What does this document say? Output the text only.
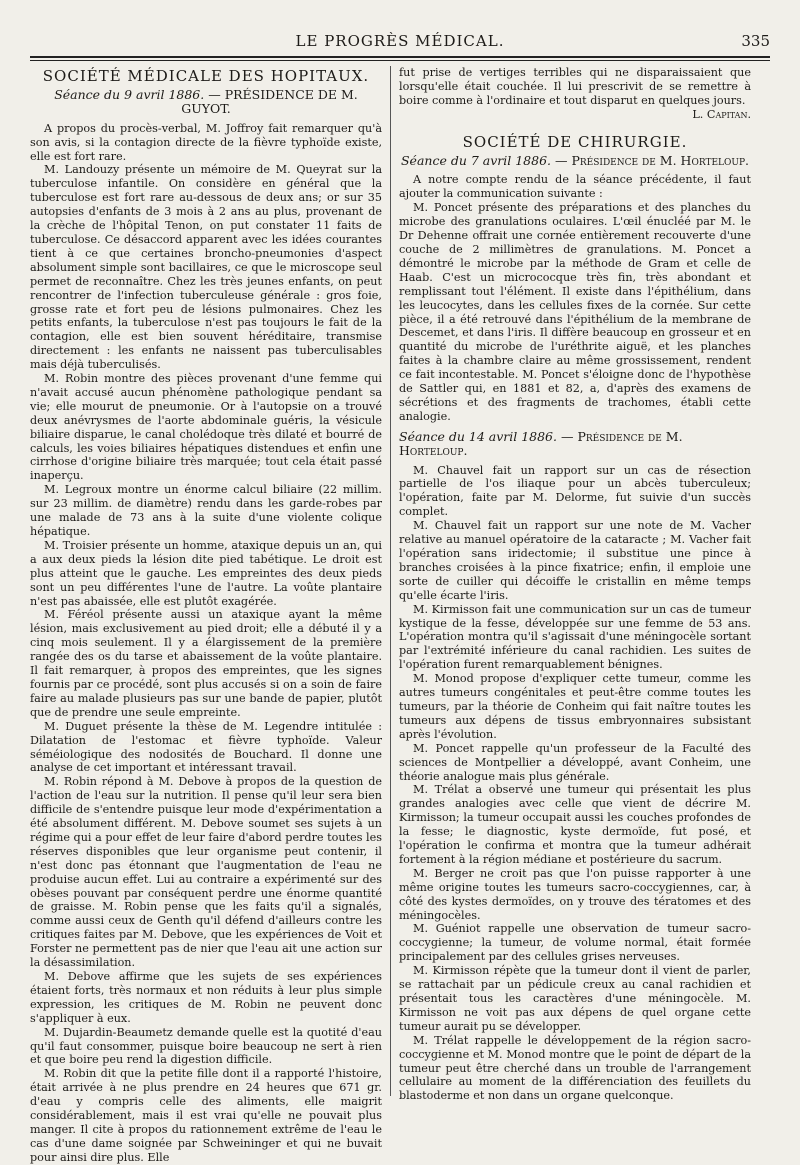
LE PROGRÈS MÉDICAL.	335
SOCIÉTÉ MÉDICALE DES HOPITAUX.
Séance du 9 avril 1886. — PRÉSIDENCE DE M. GUYOT.

A propos du procès-verbal, M. Joffroy fait remarquer qu'à son avis, si la contagion directe de la fièvre typhoïde existe, elle est fort rare.

M. Landouzy présente un mémoire de M. Queyrat sur la tuberculose infantile. On considère en général que la tuberculose est fort rare au-dessous de deux ans; or sur 35 autopsies d'enfants de 3 mois à 2 ans au plus, provenant de la crèche de l'hôpital Tenon, on put constater 11 faits de tuberculose. Ce désaccord apparent avec les idées courantes tient à ce que certaines broncho-pneumonies d'aspect absolument simple sont bacillaires, ce que le microscope seul permet de reconnaître. Chez les très jeunes enfants, on peut rencontrer de l'infection tuberculeuse générale : gros foie, grosse rate et fort peu de lésions pulmonaires. Chez les petits enfants, la tuberculose n'est pas toujours le fait de la contagion, elle est bien souvent héréditaire, transmise directement : les enfants ne naissent pas tuberculisables mais déjà tuberculisés.

M. Robin montre des pièces provenant d'une femme qui n'avait accusé aucun phénomène pathologique pendant sa vie; elle mourut de pneumonie. Or à l'autopsie on a trouvé deux anévrysmes de l'aorte abdominale guéris, la vésicule biliaire disparue, le canal cholédoque très dilaté et bourré de calculs, les voies biliaires hépatiques distendues et enfin une cirrhose d'origine biliaire très marquée; tout cela était passé inaperçu.

M. Legroux montre un énorme calcul biliaire (22 millim. sur 23 millim. de diamètre) rendu dans les garde-robes par une malade de 73 ans à la suite d'une violente colique hépatique.

M. Troisier présente un homme, ataxique depuis un an, qui a aux deux pieds la lésion dite pied tabétique. Le droit est plus atteint que le gauche. Les empreintes des deux pieds sont un peu différentes l'une de l'autre. La voûte plantaire n'est pas abaissée, elle est plutôt exagérée.

M. Féréol présente aussi un ataxique ayant la même lésion, mais exclusivement au pied droit; elle a débuté il y a cinq mois seulement. Il y a élargissement de la première rangée des os du tarse et abaissement de la voûte plantaire. Il fait remarquer, à propos des empreintes, que les signes fournis par ce procédé, sont plus accusés si on a soin de faire faire au malade plusieurs pas sur une bande de papier, plutôt que de prendre une seule empreinte.

M. Duguet présente la thèse de M. Legendre intitulée : Dilatation de l'estomac et fièvre typhoïde. Valeur séméiologique des nodosités de Bouchard. Il donne une analyse de cet important et intéressant travail.

M. Robin répond à M. Debove à propos de la question de l'action de l'eau sur la nutrition. Il pense qu'il leur sera bien difficile de s'entendre puisque leur mode d'expérimentation a été absolument différent. M. Debove soumet ses sujets à un régime qui a pour effet de leur faire d'abord perdre toutes les réserves disponibles que leur organisme peut contenir, il n'est donc pas étonnant que l'augmentation de l'eau ne produise aucun effet. Lui au contraire a expérimenté sur des obèses pouvant par conséquent perdre une énorme quantité de graisse. M. Robin pense que les faits qu'il a signalés, comme aussi ceux de Genth qu'il défend d'ailleurs contre les critiques faites par M. Debove, que les expériences de Voit et Forster ne permettent pas de nier que l'eau ait une action sur la désassimilation.

M. Debove affirme que les sujets de ses expériences étaient forts, très normaux et non réduits à leur plus simple expression, les critiques de M. Robin ne peuvent donc s'appliquer à eux.

M. Dujardin-Beaumetz demande quelle est la quotité d'eau qu'il faut consommer, puisque boire beaucoup ne sert à rien et que boire peu rend la digestion difficile.

M. Robin dit que la petite fille dont il a rapporté l'histoire, était arrivée à ne plus prendre en 24 heures que 671 gr. d'eau y compris celle des aliments, elle maigrit considérablement, mais il est vrai qu'elle ne pouvait plus manger. Il cite à propos du rationnement extrême de l'eau le cas d'une dame soignée par Schweininger et qui ne buvait pour ainsi dire plus. Elle

fut prise de vertiges terribles qui ne disparaissaient que lorsqu'elle était couchée. Il lui prescrivit de se remettre à boire comme à l'ordinaire et tout disparut en quelques jours.

L. Capitan.
SOCIÉTÉ DE CHIRURGIE.
Séance du 7 avril 1886. — Présidence de M. Horteloup.

A notre compte rendu de la séance précédente, il faut ajouter la communication suivante :

M. Poncet présente des préparations et des planches du microbe des granulations oculaires. L'œil énucléé par M. le Dr Dehenne offrait une cornée entièrement recouverte d'une couche de 2 millimètres de granulations. M. Poncet a démontré le microbe par la méthode de Gram et celle de Haab. C'est un micrococque très fin, très abondant et remplissant tout l'élément. Il existe dans l'épithélium, dans les leucocytes, dans les cellules fixes de la cornée. Sur cette pièce, il a été retrouvé dans l'épithélium de la membrane de Descemet, et dans l'iris. Il diffère beaucoup en grosseur et en quantité du microbe de l'uréthrite aiguë, et les planches faites à la chambre claire au même grossissement, rendent ce fait incontestable. M. Poncet s'éloigne donc de l'hypothèse de Sattler qui, en 1881 et 82, a, d'après des examens de sécrétions et des fragments de trachomes, établi cette analogie.

Séance du 14 avril 1886. — Présidence de M. Horteloup.

M. Chauvel fait un rapport sur un cas de résection partielle de l'os iliaque pour un abcès tuberculeux; l'opération, faite par M. Delorme, fut suivie d'un succès complet.

M. Chauvel fait un rapport sur une note de M. Vacher relative au manuel opératoire de la cataracte ; M. Vacher fait l'opération sans iridectomie; il substitue une pince à branches croisées à la pince fixatrice; enfin, il emploie une sorte de cuiller qui décoiffe le cristallin en même temps qu'elle écarte l'iris.

M. Kirmisson fait une communication sur un cas de tumeur kystique de la fesse, développée sur une femme de 53 ans. L'opération montra qu'il s'agissait d'une méningocèle sortant par l'extrémité inférieure du canal rachidien. Les suites de l'opération furent remarquablement bénignes.

M. Monod propose d'expliquer cette tumeur, comme les autres tumeurs congénitales et peut-être comme toutes les tumeurs, par la théorie de Conheim qui fait naître toutes les tumeurs aux dépens de tissus embryonnaires subsistant après l'évolution.

M. Poncet rappelle qu'un professeur de la Faculté des sciences de Montpellier a développé, avant Conheim, une théorie analogue mais plus générale.

M. Trélat a observé une tumeur qui présentait les plus grandes analogies avec celle que vient de décrire M. Kirmisson; la tumeur occupait aussi les couches profondes de la fesse; le diagnostic, kyste dermoïde, fut posé, et l'opération le confirma et montra que la tumeur adhérait fortement à la région médiane et postérieure du sacrum.

M. Berger ne croit pas que l'on puisse rapporter à une même origine toutes les tumeurs sacro-coccygiennes, car, à côté des kystes dermoïdes, on y trouve des tératomes et des méningocèles.

M. Guéniot rappelle une observation de tumeur sacro-coccygienne; la tumeur, de volume normal, était formée principalement par des cellules grises nerveuses.

M. Kirmisson répète que la tumeur dont il vient de parler, se rattachait par un pédicule creux au canal rachidien et présentait tous les caractères d'une méningocèle. M. Kirmisson ne voit pas aux dépens de quel organe cette tumeur aurait pu se développer.

M. Trélat rappelle le développement de la région sacro-coccygienne et M. Monod montre que le point de départ de la tumeur peut être cherché dans un trouble de l'arrangement cellulaire au moment de la différenciation des feuillets du blastoderme et non dans un organe quelconque.
